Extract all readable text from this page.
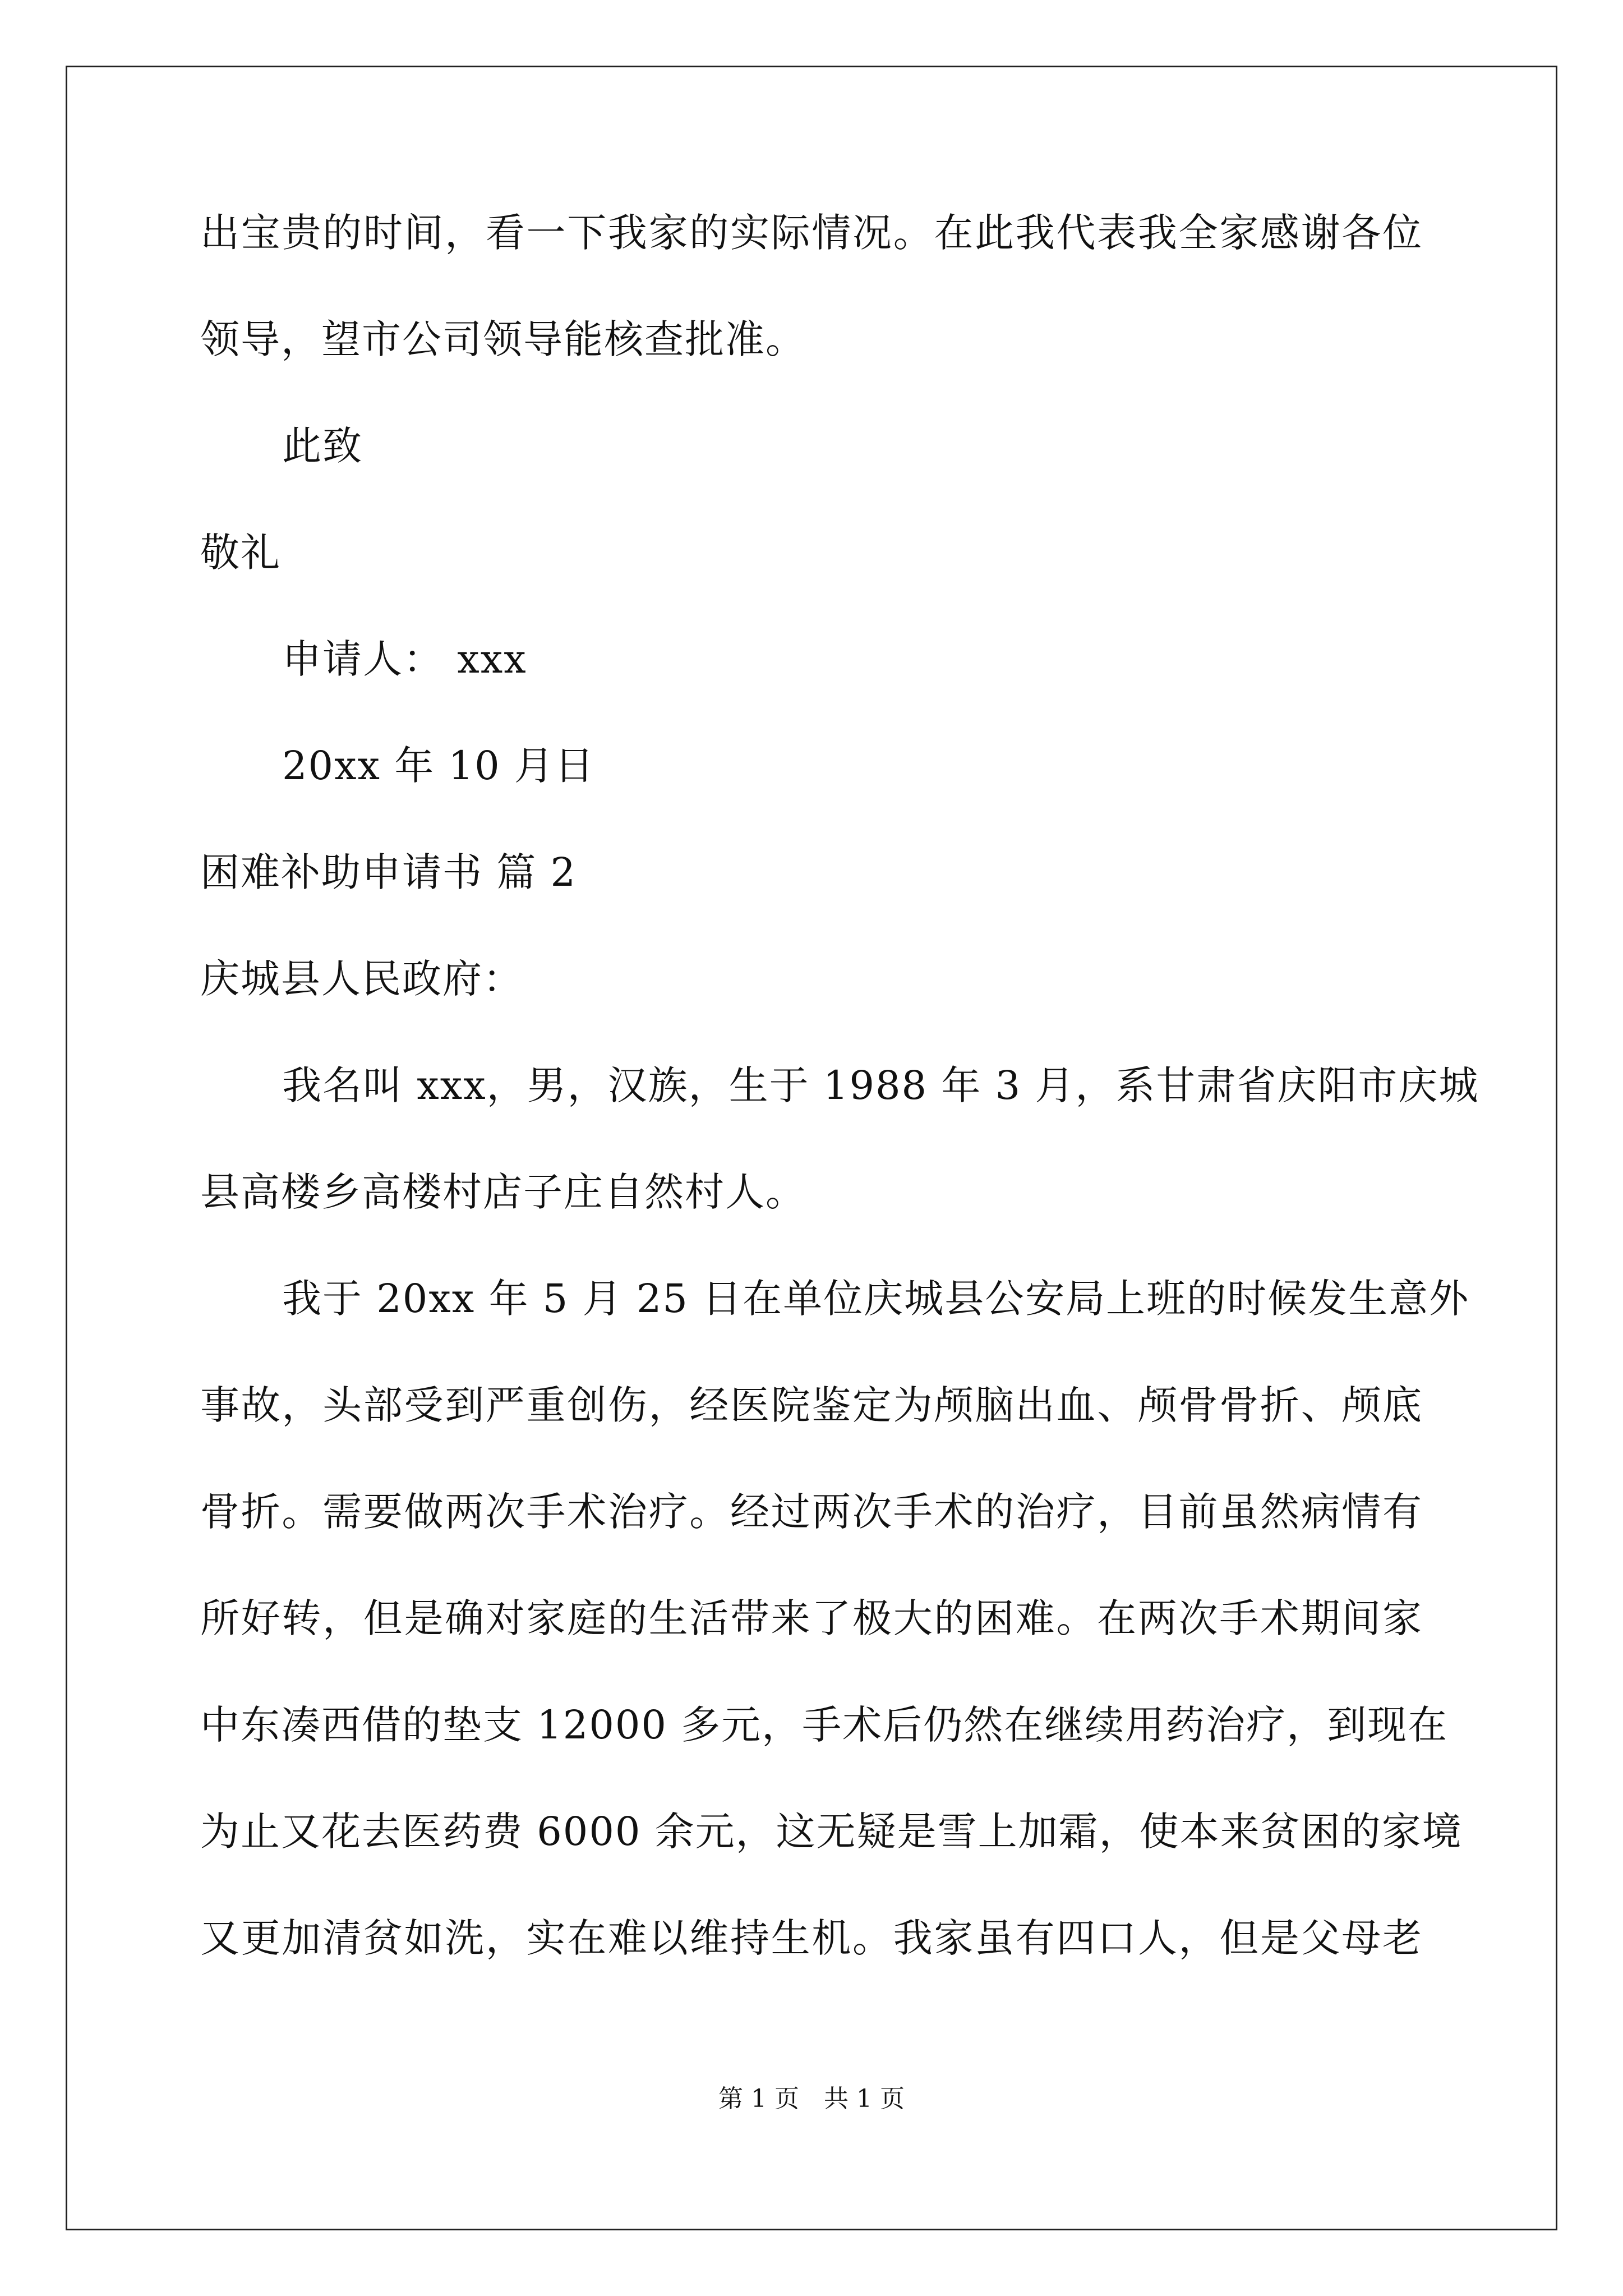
出宝贵的时间，看一下我家的实际情况。在此我代表我全家感谢各位
领导，望市公司领导能核查批准。
此致
敬礼
申请人： xxx
20xx 年 10 月日
困难补助申请书 篇 2
庆城县人民政府：
我名叫 xxx，男，汉族，生于 1988 年 3 月，系甘肃省庆阳市庆城
县高楼乡高楼村店子庄自然村人。
我于 20xx 年 5 月 25 日在单位庆城县公安局上班的时候发生意外
事故，头部受到严重创伤，经医院鉴定为颅脑出血、颅骨骨折、颅底
骨折。需要做两次手术治疗。经过两次手术的治疗，目前虽然病情有
所好转，但是确对家庭的生活带来了极大的困难。在两次手术期间家
中东凑西借的垫支 12000 多元，手术后仍然在继续用药治疗，到现在
为止又花去医药费 6000 余元，这无疑是雪上加霜，使本来贫困的家境
又更加清贫如洗，实在难以维持生机。我家虽有四口人，但是父母老
第 1 页　共 1 页
